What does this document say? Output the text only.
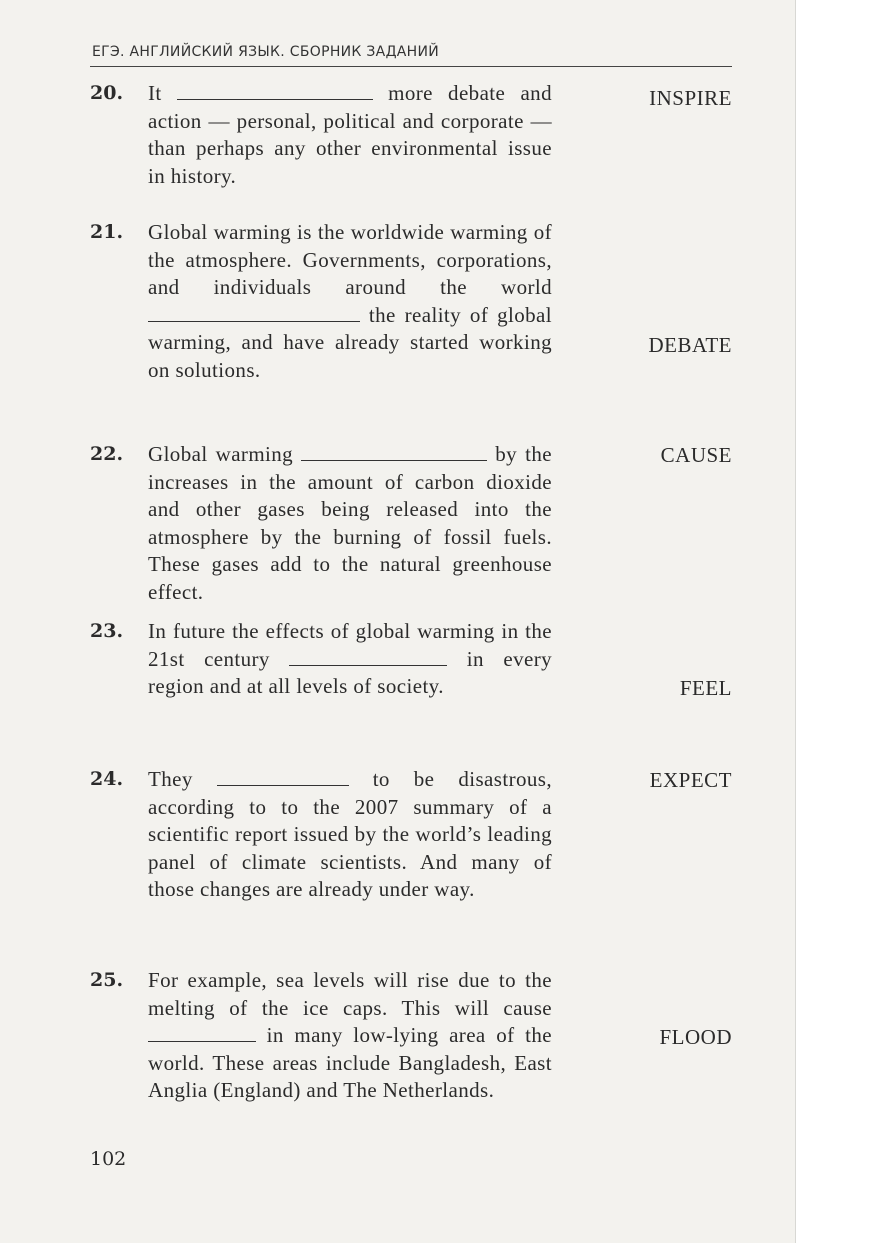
ЕГЭ. АНГЛИЙСКИЙ ЯЗЫК. СБОРНИК ЗАДАНИЙ
20. It	more debate and action — personal, political and corporate — than perhaps any other environmental issue in history.
INSPIRE
21. Global warming is the worldwide warming of the atmosphere. Governments, corporations, and individuals around the world  the reality of global warming, and have already started working on solutions.
DEBATE
22. Global warming	by the increases in the amount of carbon dioxide and other gases being released into the atmosphere by the burning of fossil fuels. These gases add to the natural greenhouse effect.
CAUSE
23. In future the effects of global warming in the 21st century	in every region and at all levels of society.	FEEL
24. They	to be disastrous, according to to the 2007 summary of a scientific report issued by the world’s leading panel of climate scientists. And many of those changes are already under way.
EXPECT
25. For example, sea levels will rise due to the melting of the ice caps. This will cause  in many low-lying area of the world. These areas include Bangladesh, East Anglia (England) and The Netherlands.
FLOOD
102
